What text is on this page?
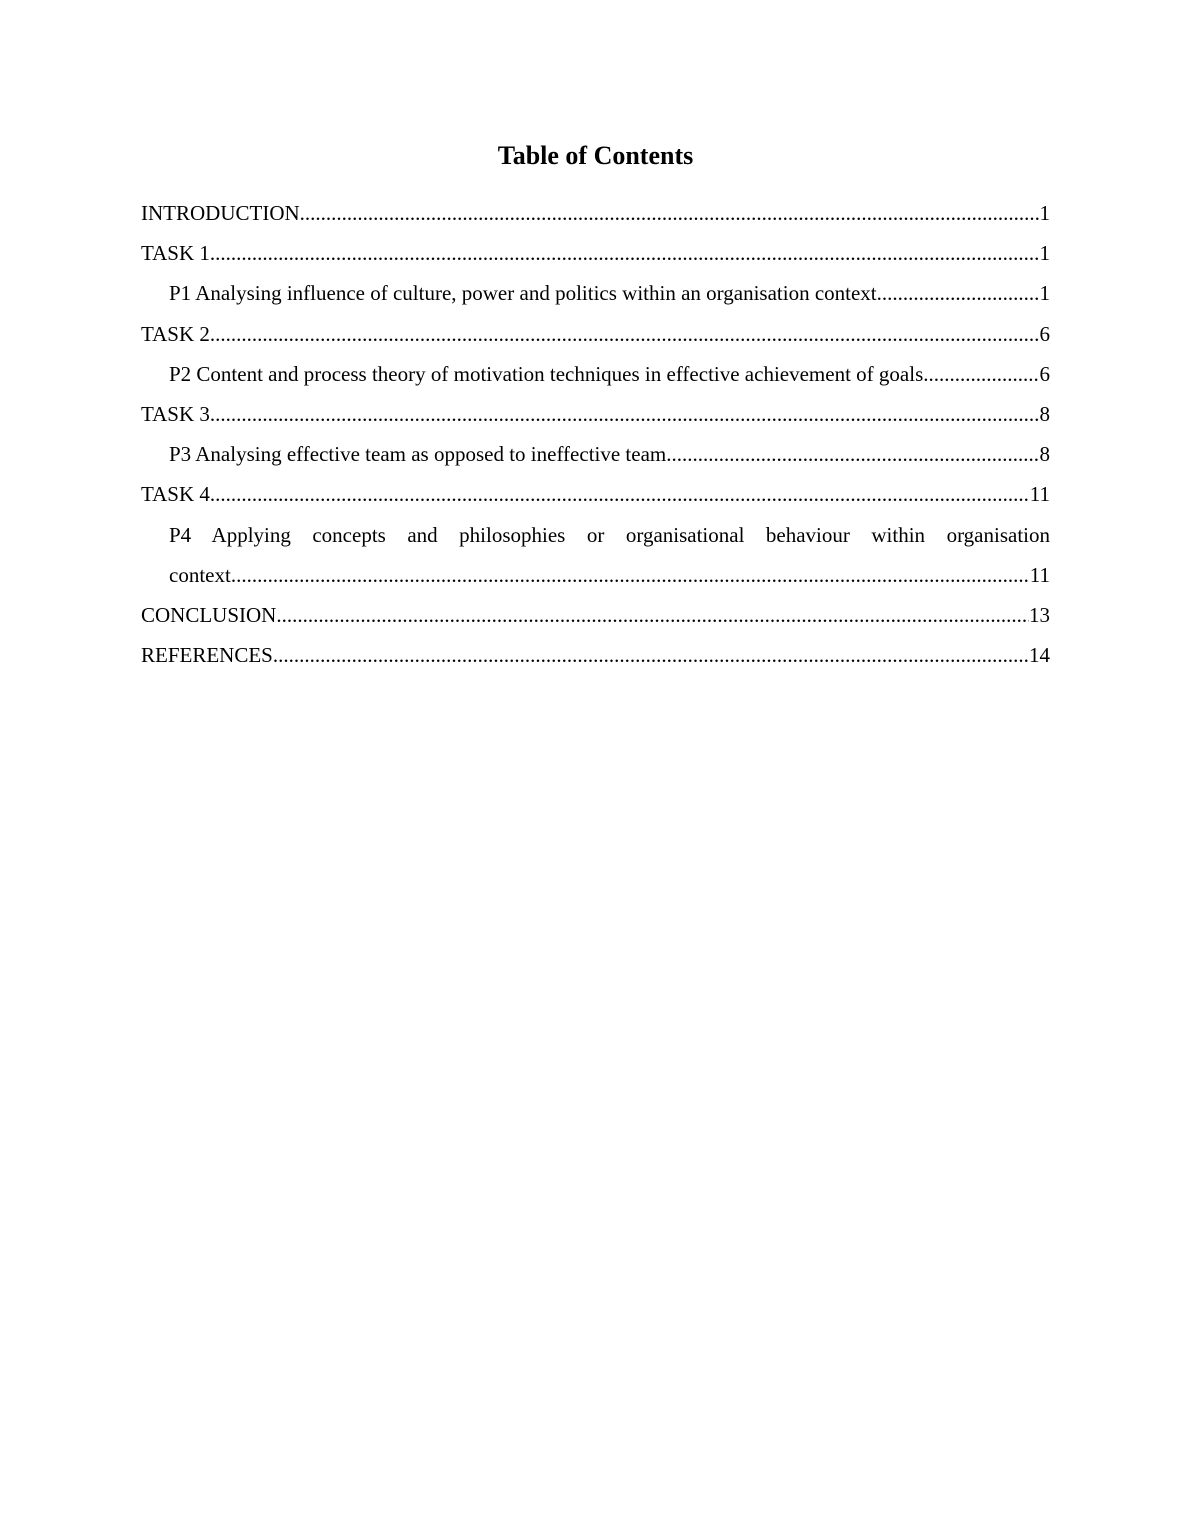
Table of Contents
INTRODUCTION .....	1
TASK 1 .....	1
P1 Analysing influence of culture, power and politics within an organisation context .....	1
TASK 2 .....	6
P2 Content and process theory of motivation techniques in effective achievement of goals. .....	6
TASK 3 .....	8
P3 Analysing effective team as opposed to ineffective team .....	8
TASK 4 .....	11
P4 Applying concepts and philosophies or organisational behaviour within organisation
context .....	11
CONCLUSION .....	13
REFERENCES .....	14
